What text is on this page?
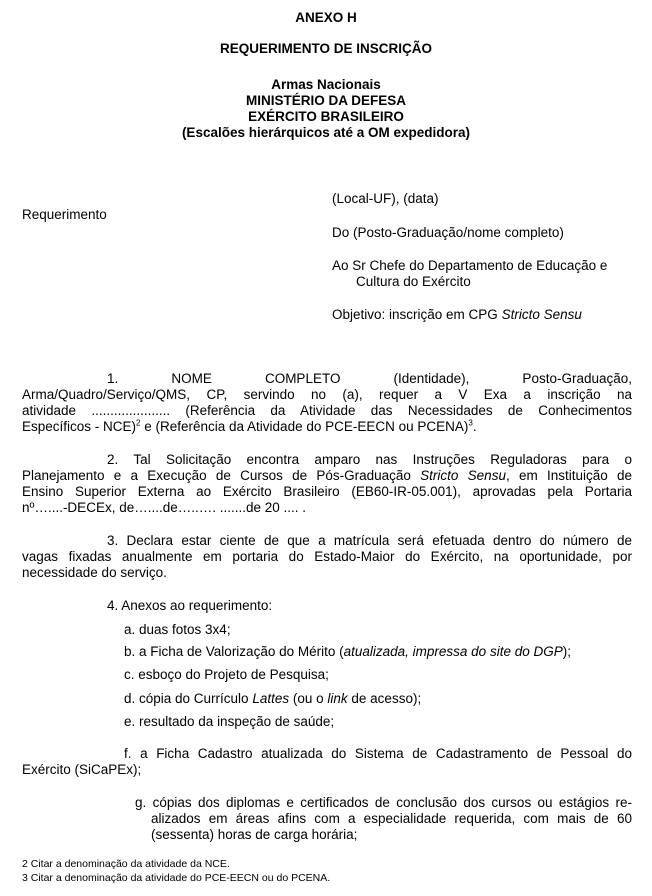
ANEXO H
REQUERIMENTO DE INSCRIÇÃO
Armas Nacionais
MINISTÉRIO DA DEFESA
EXÉRCITO BRASILEIRO
(Escalões hierárquicos até a OM expedidora)
Requerimento
(Local-UF), (data)
Do (Posto-Graduação/nome completo)
Ao Sr Chefe do Departamento de Educação e
Cultura do Exército
Objetivo: inscrição em CPG Stricto Sensu
1. NOME COMPLETO (Identidade), Posto-Graduação,
Arma/Quadro/Serviço/QMS, CP, servindo no (a), requer a V Exa a inscrição na
atividade ..................... (Referência da Atividade das Necessidades de Conhecimentos
Específicos - NCE)$^2$ e (Referência da Atividade do PCE-EECN ou PCENA)$^3$.
2. Tal Solicitação encontra amparo nas Instruções Reguladoras para o
Planejamento e a Execução de Cursos de Pós-Graduação Stricto Sensu, em Instituição de
Ensino Superior Externa ao Exército Brasileiro (EB60-IR-05.001), aprovadas pela Portaria
nº…....-DECEx, de…....de…..…. .......de 20 .... .
3. Declara estar ciente de que a matrícula será efetuada dentro do número de
vagas fixadas anualmente em portaria do Estado-Maior do Exército, na oportunidade, por
necessidade do serviço.
4. Anexos ao requerimento:
a. duas fotos 3x4;
b. a Ficha de Valorização do Mérito (atualizada, impressa do site do DGP);
c. esboço do Projeto de Pesquisa;
d. cópia do Currículo Lattes (ou o link de acesso);
e. resultado da inspeção de saúde;
f. a Ficha Cadastro atualizada do Sistema de Cadastramento de Pessoal do
Exército (SiCaPEx);
g. cópias dos diplomas e certificados de conclusão dos cursos ou estágios re-
alizados em áreas afins com a especialidade requerida, com mais de 60
(sessenta) horas de carga horária;
2 Citar a denominação da atividade da NCE.
3 Citar a denominação da atividade do PCE-EECN ou do PCENA.
